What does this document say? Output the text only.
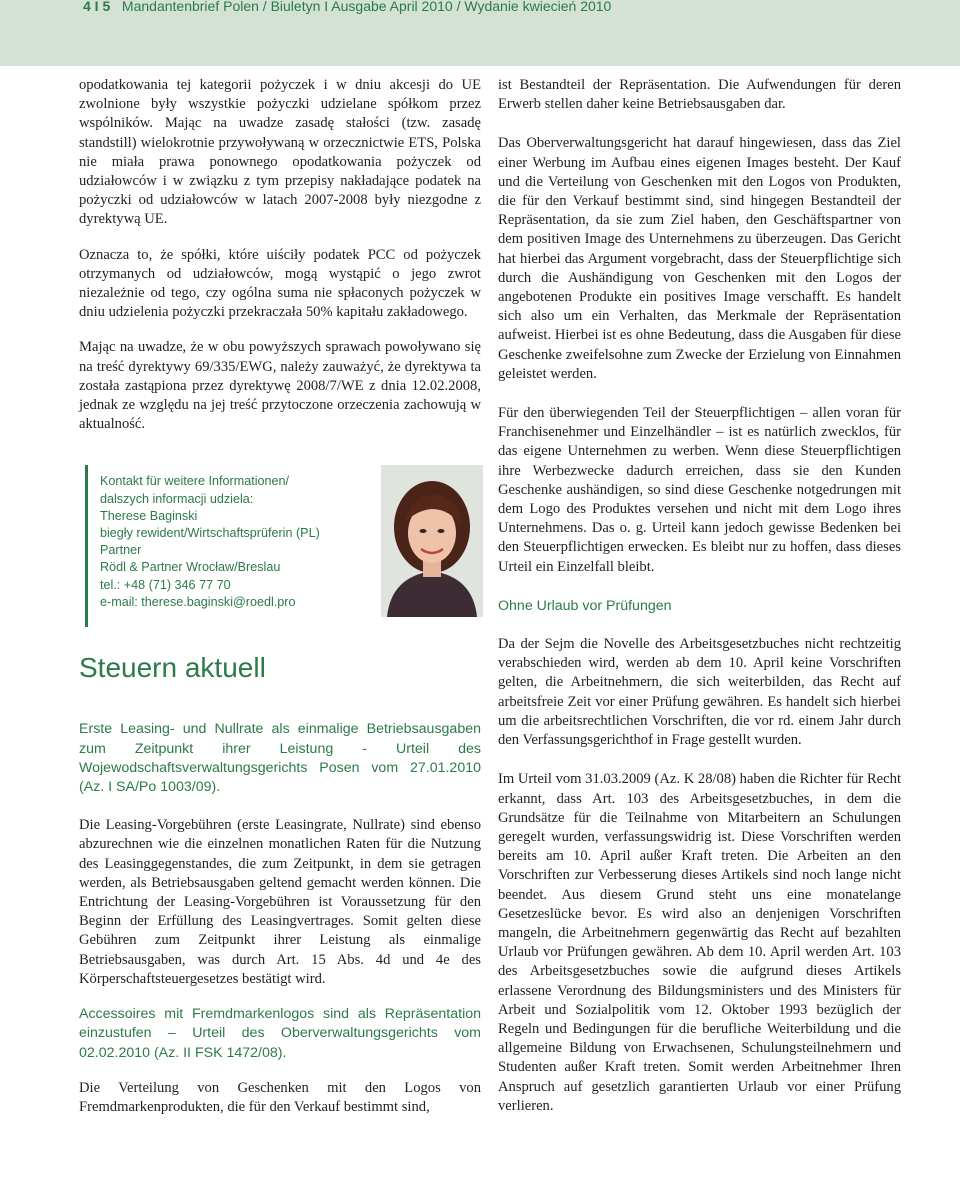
4 I 5 Mandantenbrief Polen / Biuletyn I Ausgabe April 2010 / Wydanie kwiecień 2010

opodatkowania tej kategorii pożyczek i w dniu akcesji do UE zwolnione były wszystkie pożyczki udzielane spółkom przez wspólników. Mając na uwadze zasadę stałości (tzw. zasadę standstill) wielokrotnie przywoływaną w orzecznictwie ETS, Polska nie miała prawa ponownego opodatkowania pożyczek od udziałowców i w związku z tym przepisy nakładające podatek na pożyczki od udziałowców w latach 2007-2008 były niezgodne z dyrektywą UE.

Oznacza to, że spółki, które uiściły podatek PCC od pożyczek otrzymanych od udziałowców, mogą wystąpić o jego zwrot niezależnie od tego, czy ogólna suma nie spłaconych pożyczek w dniu udzielenia pożyczki przekraczała 50% kapitału zakładowego.

Mając na uwadze, że w obu powyższych sprawach powoływano się na treść dyrektywy 69/335/EWG, należy zauważyć, że dyrektywa ta została zastąpiona przez dyrektywę 2008/7/WE z dnia 12.02.2008, jednak ze względu na jej treść przytoczone orzeczenia zachowują w aktualność.

Kontakt für weitere Informationen/
dalszych informacji udziela:
Therese Baginski
biegły rewident/Wirtschaftsprüferin (PL)
Partner
Rödl & Partner Wrocław/Breslau
tel.: +48 (71) 346 77 70
e-mail: therese.baginski@roedl.pro
Steuern aktuell

Erste Leasing- und Nullrate als einmalige Betriebsausgaben zum Zeitpunkt ihrer Leistung - Urteil des Wojewodschaftsverwaltungsgerichts Posen vom 27.01.2010 (Az. I SA/Po 1003/09).

Die Leasing-Vorgebühren (erste Leasingrate, Nullrate) sind ebenso abzurechnen wie die einzelnen monatlichen Raten für die Nutzung des Leasinggegenstandes, die zum Zeitpunkt, in dem sie getragen werden, als Betriebsausgaben geltend gemacht werden können. Die Entrichtung der Leasing-Vorgebühren ist Voraussetzung für den Beginn der Erfüllung des Leasingvertrages. Somit gelten diese Gebühren zum Zeitpunkt ihrer Leistung als einmalige Betriebsausgaben, was durch Art. 15 Abs. 4d und 4e des Körperschaftsteuergesetzes bestätigt wird.

Accessoires mit Fremdmarkenlogos sind als Repräsentation einzustufen – Urteil des Oberverwaltungsgerichts vom 02.02.2010 (Az. II FSK 1472/08).

Die Verteilung von Geschenken mit den Logos von Fremdmarkenprodukten, die für den Verkauf bestimmt sind,

ist Bestandteil der Repräsentation. Die Aufwendungen für deren Erwerb stellen daher keine Betriebsausgaben dar.

Das Oberverwaltungsgericht hat darauf hingewiesen, dass das Ziel einer Werbung im Aufbau eines eigenen Images besteht. Der Kauf und die Verteilung von Geschenken mit den Logos von Produkten, die für den Verkauf bestimmt sind, sind hingegen Bestandteil der Repräsentation, da sie zum Ziel haben, den Geschäftspartner von dem positiven Image des Unternehmens zu überzeugen. Das Gericht hat hierbei das Argument vorgebracht, dass der Steuerpflichtige sich durch die Aushändigung von Geschenken mit den Logos der angebotenen Produkte ein positives Image verschafft. Es handelt sich also um ein Verhalten, das Merkmale der Repräsentation aufweist. Hierbei ist es ohne Bedeutung, dass die Ausgaben für diese Geschenke zweifelsohne zum Zwecke der Erzielung von Einnahmen geleistet werden.

Für den überwiegenden Teil der Steuerpflichtigen – allen voran für Franchisenehmer und Einzelhändler – ist es natürlich zwecklos, für das eigene Unternehmen zu werben. Wenn diese Steuerpflichtigen ihre Werbezwecke dadurch erreichen, dass sie den Kunden Geschenke aushändigen, so sind diese Geschenke notgedrungen mit dem Logo des Produktes versehen und nicht mit dem Logo ihres Unternehmens. Das o. g. Urteil kann jedoch gewisse Bedenken bei den Steuerpflichtigen erwecken. Es bleibt nur zu hoffen, dass dieses Urteil ein Einzelfall bleibt.

Ohne Urlaub vor Prüfungen

Da der Sejm die Novelle des Arbeitsgesetzbuches nicht rechtzeitig verabschieden wird, werden ab dem 10. April keine Vorschriften gelten, die Arbeitnehmern, die sich weiterbilden, das Recht auf arbeitsfreie Zeit vor einer Prüfung gewähren. Es handelt sich hierbei um die arbeitsrechtlichen Vorschriften, die vor rd. einem Jahr durch den Verfassungsgerichthof in Frage gestellt wurden.

Im Urteil vom 31.03.2009 (Az. K 28/08) haben die Richter für Recht erkannt, dass Art. 103 des Arbeitsgesetzbuches, in dem die Grundsätze für die Teilnahme von Mitarbeitern an Schulungen geregelt wurden, verfassungswidrig ist. Diese Vorschriften werden bereits am 10. April außer Kraft treten. Die Arbeiten an den Vorschriften zur Verbesserung dieses Artikels sind noch lange nicht beendet. Aus diesem Grund steht uns eine monatelange Gesetzeslücke bevor. Es wird also an denjenigen Vorschriften mangeln, die Arbeitnehmern gegenwärtig das Recht auf bezahlten Urlaub vor Prüfungen gewähren. Ab dem 10. April werden Art. 103 des Arbeitsgesetzbuches sowie die aufgrund dieses Artikels erlassene Verordnung des Bildungsministers und des Ministers für Arbeit und Sozialpolitik vom 12. Oktober 1993 bezüglich der Regeln und Bedingungen für die berufliche Weiterbildung und die allgemeine Bildung von Erwachsenen, Schulungsteilnehmern und Studenten außer Kraft treten. Somit werden Arbeitnehmer Ihren Anspruch auf gesetzlich garantierten Urlaub vor einer Prüfung verlieren.
